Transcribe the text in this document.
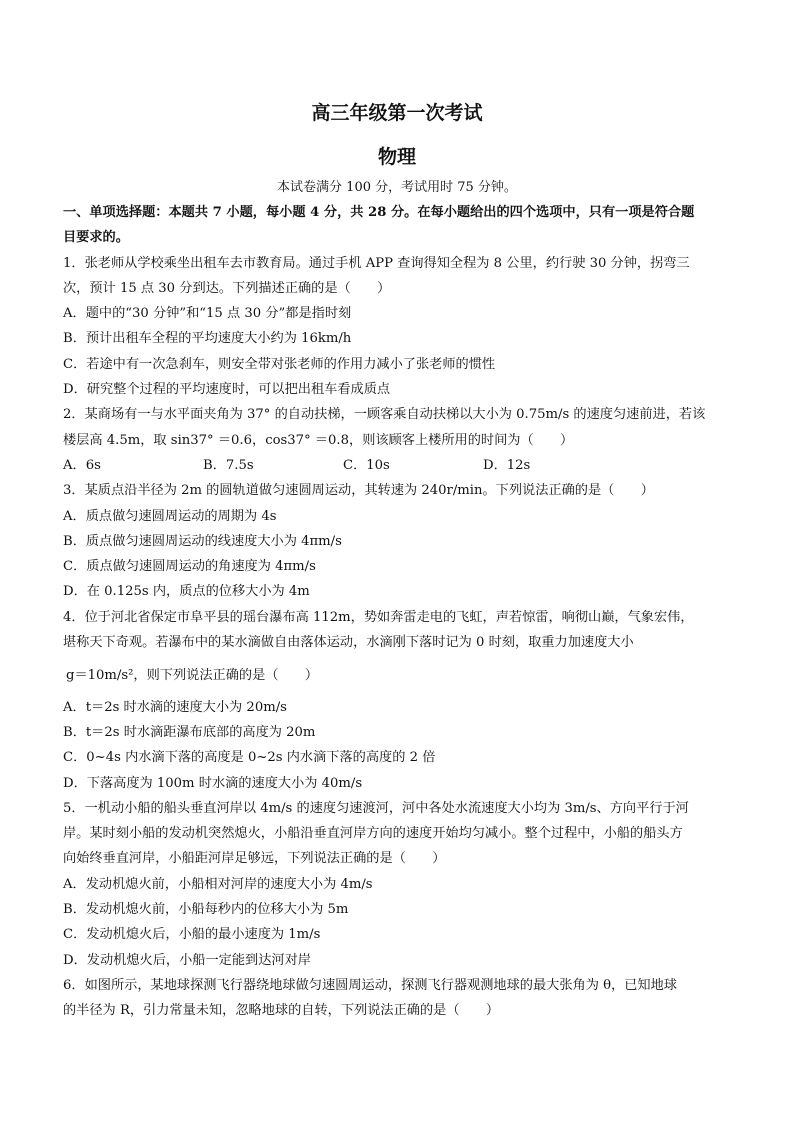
高三年级第一次考试
物理
本试卷满分 100 分，考试用时 75 分钟。

一、单项选择题：本题共 7 小题，每小题 4 分，共 28 分。在每小题给出的四个选项中，只有一项是符合题

目要求的。

1．张老师从学校乘坐出租车去市教育局。通过手机 APP 查询得知全程为 8 公里，约行驶 30 分钟，拐弯三

次，预计 15 点 30 分到达。下列描述正确的是（　　）

A．题中的“30 分钟”和“15 点 30 分”都是指时刻

B．预计出租车全程的平均速度大小约为 16km/h

C．若途中有一次急刹车，则安全带对张老师的作用力减小了张老师的惯性

D．研究整个过程的平均速度时，可以把出租车看成质点

2．某商场有一与水平面夹角为 37° 的自动扶梯，一顾客乘自动扶梯以大小为 0.75m/s 的速度匀速前进，若该

楼层高 4.5m，取 sin37° ＝0.6，cos37° ＝0.8，则该顾客上楼所用的时间为（　　）

A．6s	B．7.5s	C．10s	D．12s

3．某质点沿半径为 2m 的圆轨道做匀速圆周运动，其转速为 240r/min。下列说法正确的是（　　）

A．质点做匀速圆周运动的周期为 4s

B．质点做匀速圆周运动的线速度大小为 4πm/s

C．质点做匀速圆周运动的角速度为 4πm/s

D．在 0.125s 内，质点的位移大小为 4m

4．位于河北省保定市阜平县的瑶台瀑布高 112m，势如奔雷走电的飞虹，声若惊雷，响彻山巅，气象宏伟，

堪称天下奇观。若瀑布中的某水滴做自由落体运动，水滴刚下落时记为 0 时刻，取重力加速度大小

g＝10m/s²，则下列说法正确的是（　　）

A．t＝2s 时水滴的速度大小为 20m/s

B．t＝2s 时水滴距瀑布底部的高度为 20m

C．0~4s 内水滴下落的高度是 0~2s 内水滴下落的高度的 2 倍

D．下落高度为 100m 时水滴的速度大小为 40m/s

5．一机动小船的船头垂直河岸以 4m/s 的速度匀速渡河，河中各处水流速度大小均为 3m/s、方向平行于河

岸。某时刻小船的发动机突然熄火，小船沿垂直河岸方向的速度开始均匀减小。整个过程中，小船的船头方

向始终垂直河岸，小船距河岸足够远，下列说法正确的是（　　）

A．发动机熄火前，小船相对河岸的速度大小为 4m/s

B．发动机熄火前，小船每秒内的位移大小为 5m

C．发动机熄火后，小船的最小速度为 1m/s

D．发动机熄火后，小船一定能到达河对岸

6．如图所示，某地球探测飞行器绕地球做匀速圆周运动，探测飞行器观测地球的最大张角为 θ，已知地球

的半径为 R，引力常量未知，忽略地球的自转，下列说法正确的是（　　）
